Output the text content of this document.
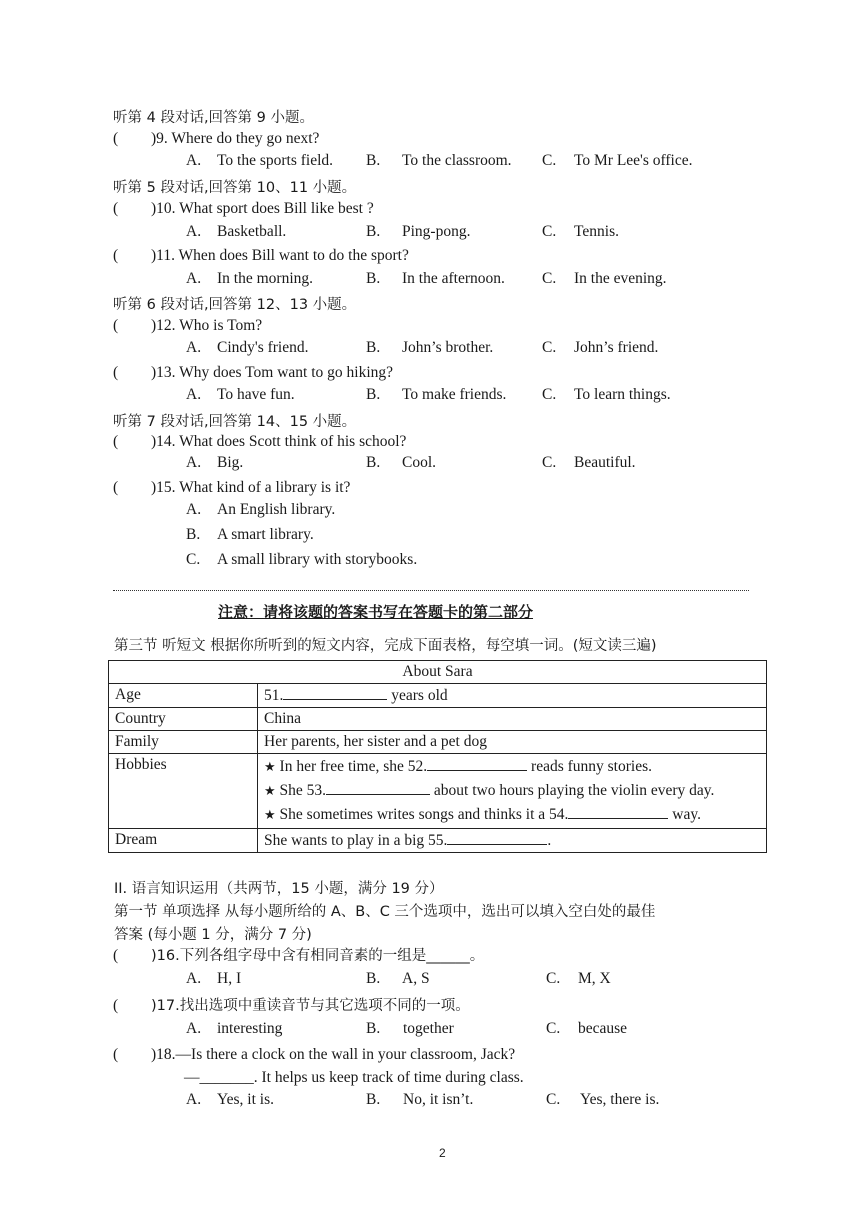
听第 4 段对话,回答第 9 小题。
( )9. Where do they go next?
A. To the sports field. B. To the classroom. C. To Mr Lee's office.
听第 5 段对话,回答第 10、11 小题。
( )10. What sport does Bill like best ?
A. Basketball.	B. Ping-pong.	C. Tennis.
( )11. When does Bill want to do the sport?
A. In the morning.	B. In the afternoon. C. In the evening.
听第 6 段对话,回答第 12、13 小题。
( )12. Who is Tom?
A. Cindy's friend.	B. John’s brother.	C. John’s friend.
( )13. Why does Tom want to go hiking?
A. To have fun.	B. To make friends. C. To learn things.
听第 7 段对话,回答第 14、15 小题。
( )14. What does Scott think of his school?
A. Big.	B. Cool.	C. Beautiful.
( )15. What kind of a library is it?
A. An English library.
B. A smart library.
C. A small library with storybooks.
注意：请将该题的答案书写在答题卡的第二部分
第三节 听短文 根据你所听到的短文内容，完成下面表格，每空填一词。(短文读三遍)
About Sara	
Age	51. years old
Country	China
Family	Her parents, her sister and a pet dog
Hobbies	★ In her free time, she 52. reads funny stories.
★ She 53. about two hours playing the violin every day.
★ She sometimes writes songs and thinks it a 54. way.

Dream	She wants to play in a big 55. .
II. 语言知识运用（共两节，15 小题，满分 19 分）
第一节 单项选择 从每小题所给的 A、B、C 三个选项中，选出可以填入空白处的最佳
答案 (每小题 1 分，满分 7 分)
( )16.下列各组字母中含有相同音素的一组是______。
A. H, I	B. A, S	C. M, X
( )17.找出选项中重读音节与其它选项不同的一项。
A. interesting	B. together	C. because
( )18.—Is there a clock on the wall in your classroom, Jack?
—_______. It helps us keep track of time during class.
A. Yes, it is.	B. No, it isn’t.	C. Yes, there is.
2
